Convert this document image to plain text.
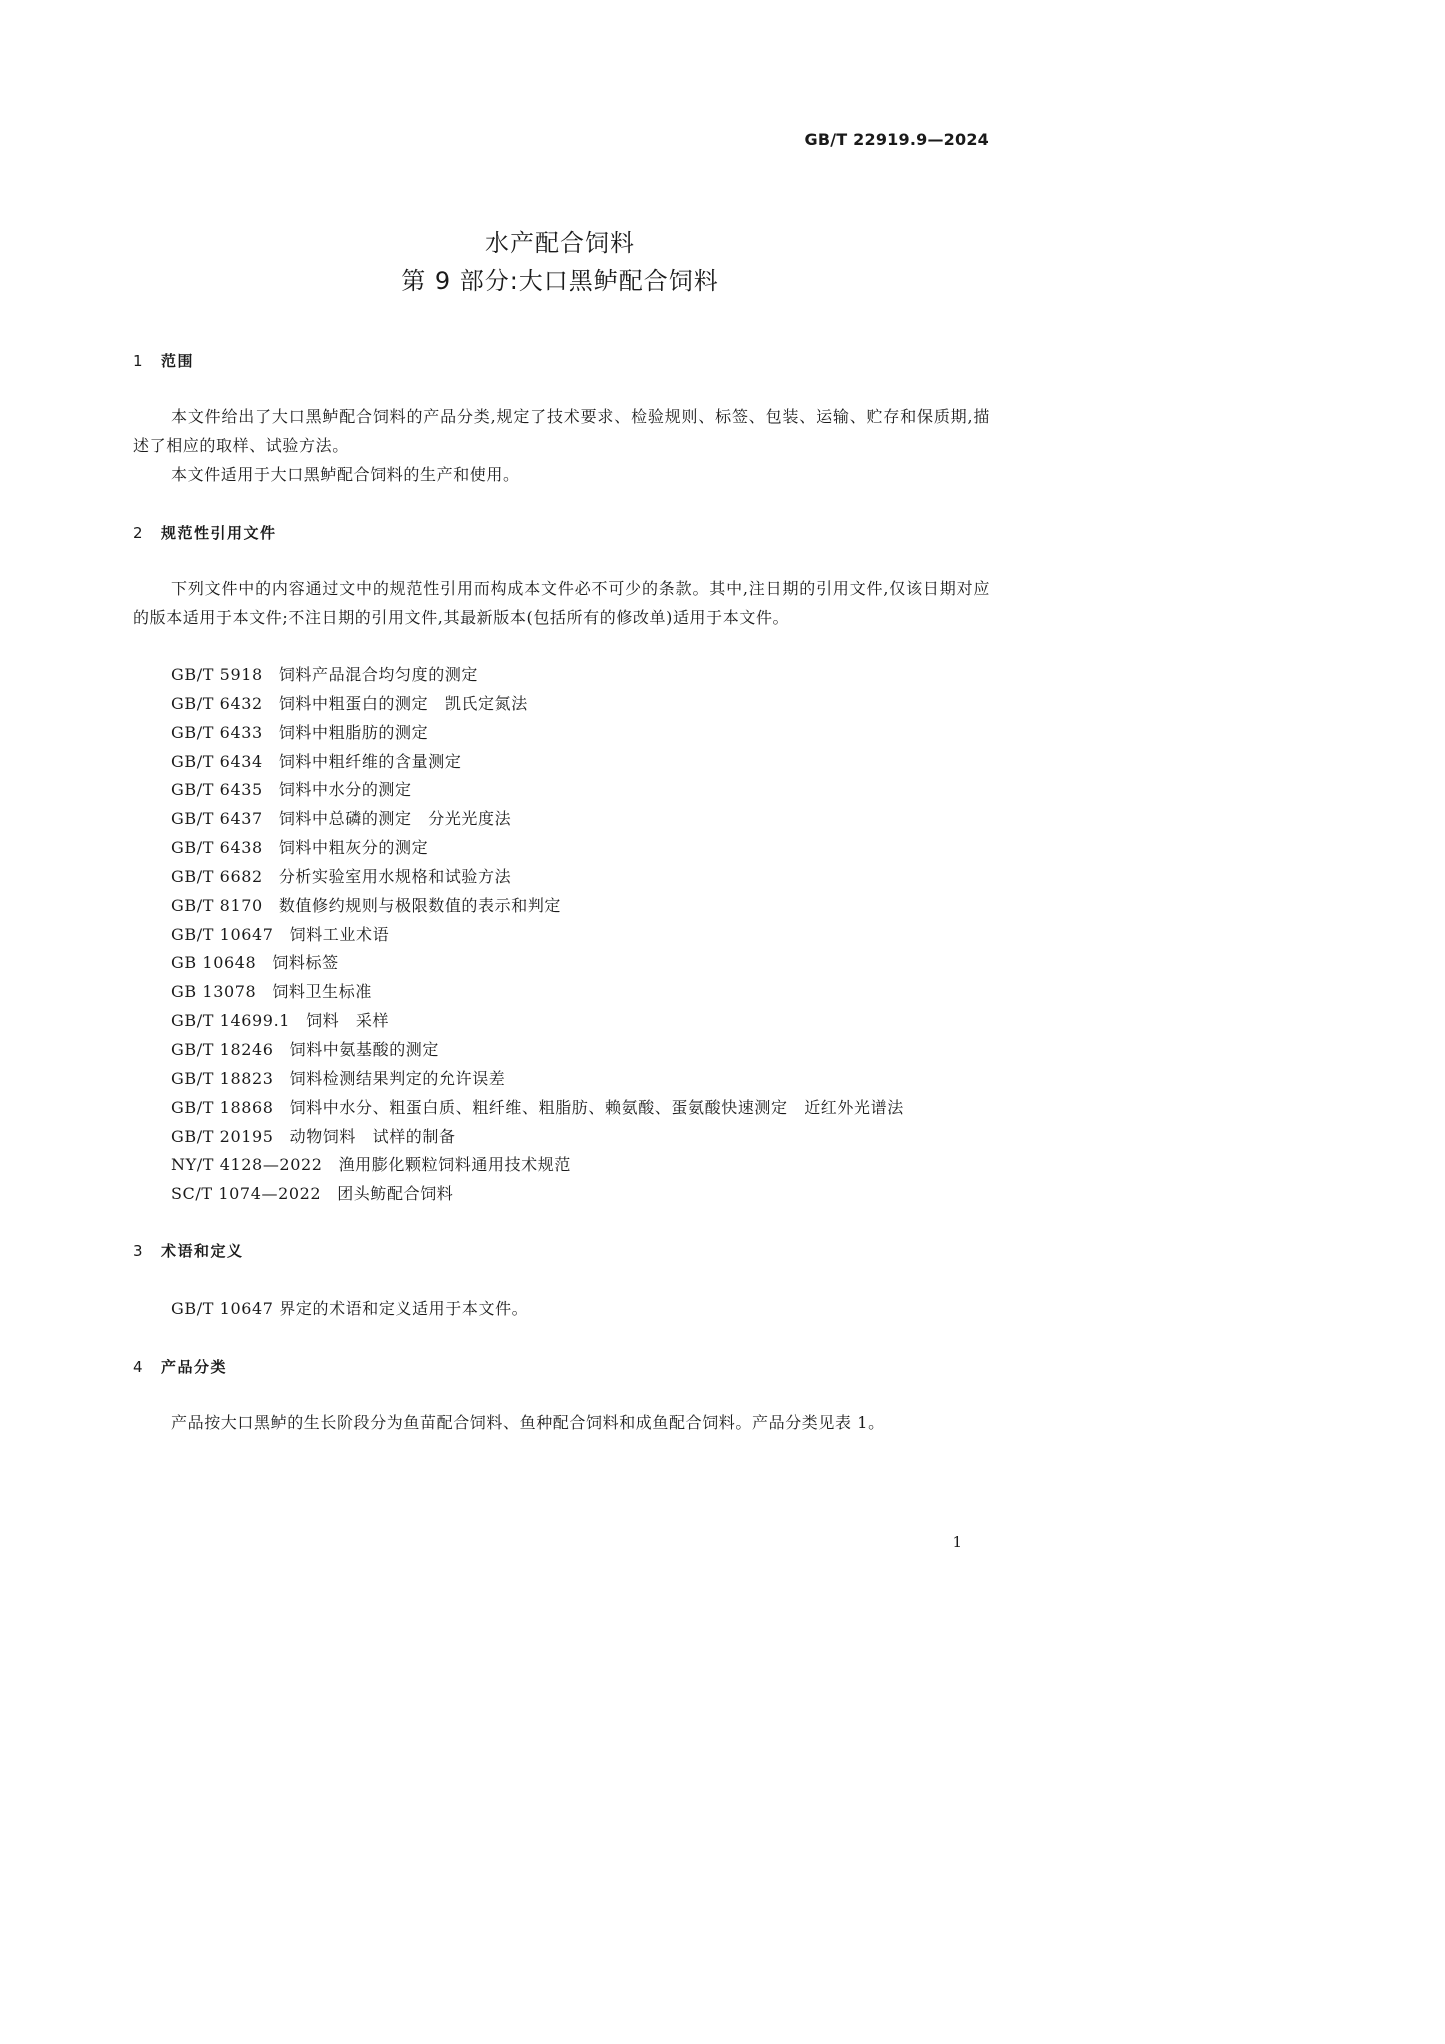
GB/T 22919.9—2024
水产配合饲料
第 9 部分:大口黑鲈配合饲料
1 范围

本文件给出了大口黑鲈配合饲料的产品分类,规定了技术要求、检验规则、标签、包装、运输、贮存和保质期,描述了相应的取样、试验方法。

本文件适用于大口黑鲈配合饲料的生产和使用。

2 规范性引用文件

下列文件中的内容通过文中的规范性引用而构成本文件必不可少的条款。其中,注日期的引用文件,仅该日期对应的版本适用于本文件;不注日期的引用文件,其最新版本(包括所有的修改单)适用于本文件。

GB/T 5918 饲料产品混合均匀度的测定
GB/T 6432 饲料中粗蛋白的测定　凯氏定氮法
GB/T 6433 饲料中粗脂肪的测定
GB/T 6434 饲料中粗纤维的含量测定
GB/T 6435 饲料中水分的测定
GB/T 6437 饲料中总磷的测定　分光光度法
GB/T 6438 饲料中粗灰分的测定
GB/T 6682 分析实验室用水规格和试验方法
GB/T 8170 数值修约规则与极限数值的表示和判定
GB/T 10647 饲料工业术语
GB 10648 饲料标签
GB 13078 饲料卫生标准
GB/T 14699.1 饲料　采样
GB/T 18246 饲料中氨基酸的测定
GB/T 18823 饲料检测结果判定的允许误差
GB/T 18868 饲料中水分、粗蛋白质、粗纤维、粗脂肪、赖氨酸、蛋氨酸快速测定　近红外光谱法
GB/T 20195 动物饲料　试样的制备
NY/T 4128—2022 渔用膨化颗粒饲料通用技术规范
SC/T 1074—2022 团头鲂配合饲料
3 术语和定义

GB/T 10647 界定的术语和定义适用于本文件。

4 产品分类

产品按大口黑鲈的生长阶段分为鱼苗配合饲料、鱼种配合饲料和成鱼配合饲料。产品分类见表 1。

1
